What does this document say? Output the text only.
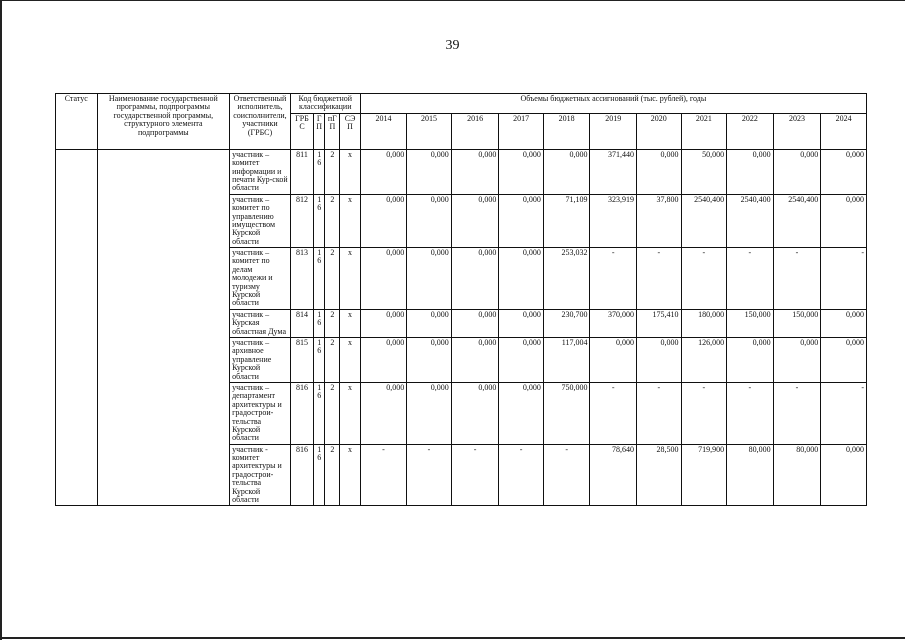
39
Статус	Наименование государственной программы, подпрограммы государственной программы, структурного элемента подпрограммы	Ответственный исполнитель, соисполнители, участники (ГРБС)	Код бюджетной классификации				Объемы бюджетных ассигнований (тыс. рублей), годы										
			ГРБС	ГП	пГП	СЭП	2014	2015	2016	2017	2018	2019	2020	2021	2022	2023	2024
		участник – комитет информации и печати Кур-ской области	811	16	2	х	0,000	0,000	0,000	0,000	0,000	371,440	0,000	50,000	0,000	0,000	0,000
		участник – комитет по управлению имуществом Курской области	812	16	2	х	0,000	0,000	0,000	0,000	71,109	323,919	37,800	2540,400	2540,400	2540,400	0,000
		участник – комитет по делам молодежи и туризму Курской области	813	16	2	х	0,000	0,000	0,000	0,000	253,032	-	-	-	-	-	-
		участник – Курская областная Дума	814	16	2	х	0,000	0,000	0,000	0,000	230,700	370,000	175,410	180,000	150,000	150,000	0,000
		участник – архивное управление Курской области	815	16	2	х	0,000	0,000	0,000	0,000	117,004	0,000	0,000	126,000	0,000	0,000	0,000
		участник – департамент архитектуры и градострои-тельства Курской области	816	16	2	х	0,000	0,000	0,000	0,000	750,000	-	-	-	-	-	-
		участник - комитет архитектуры и градострои-тельства Курской области	816	16	2	х	-	-	-	-	-	78,640	28,500	719,900	80,000	80,000	0,000
